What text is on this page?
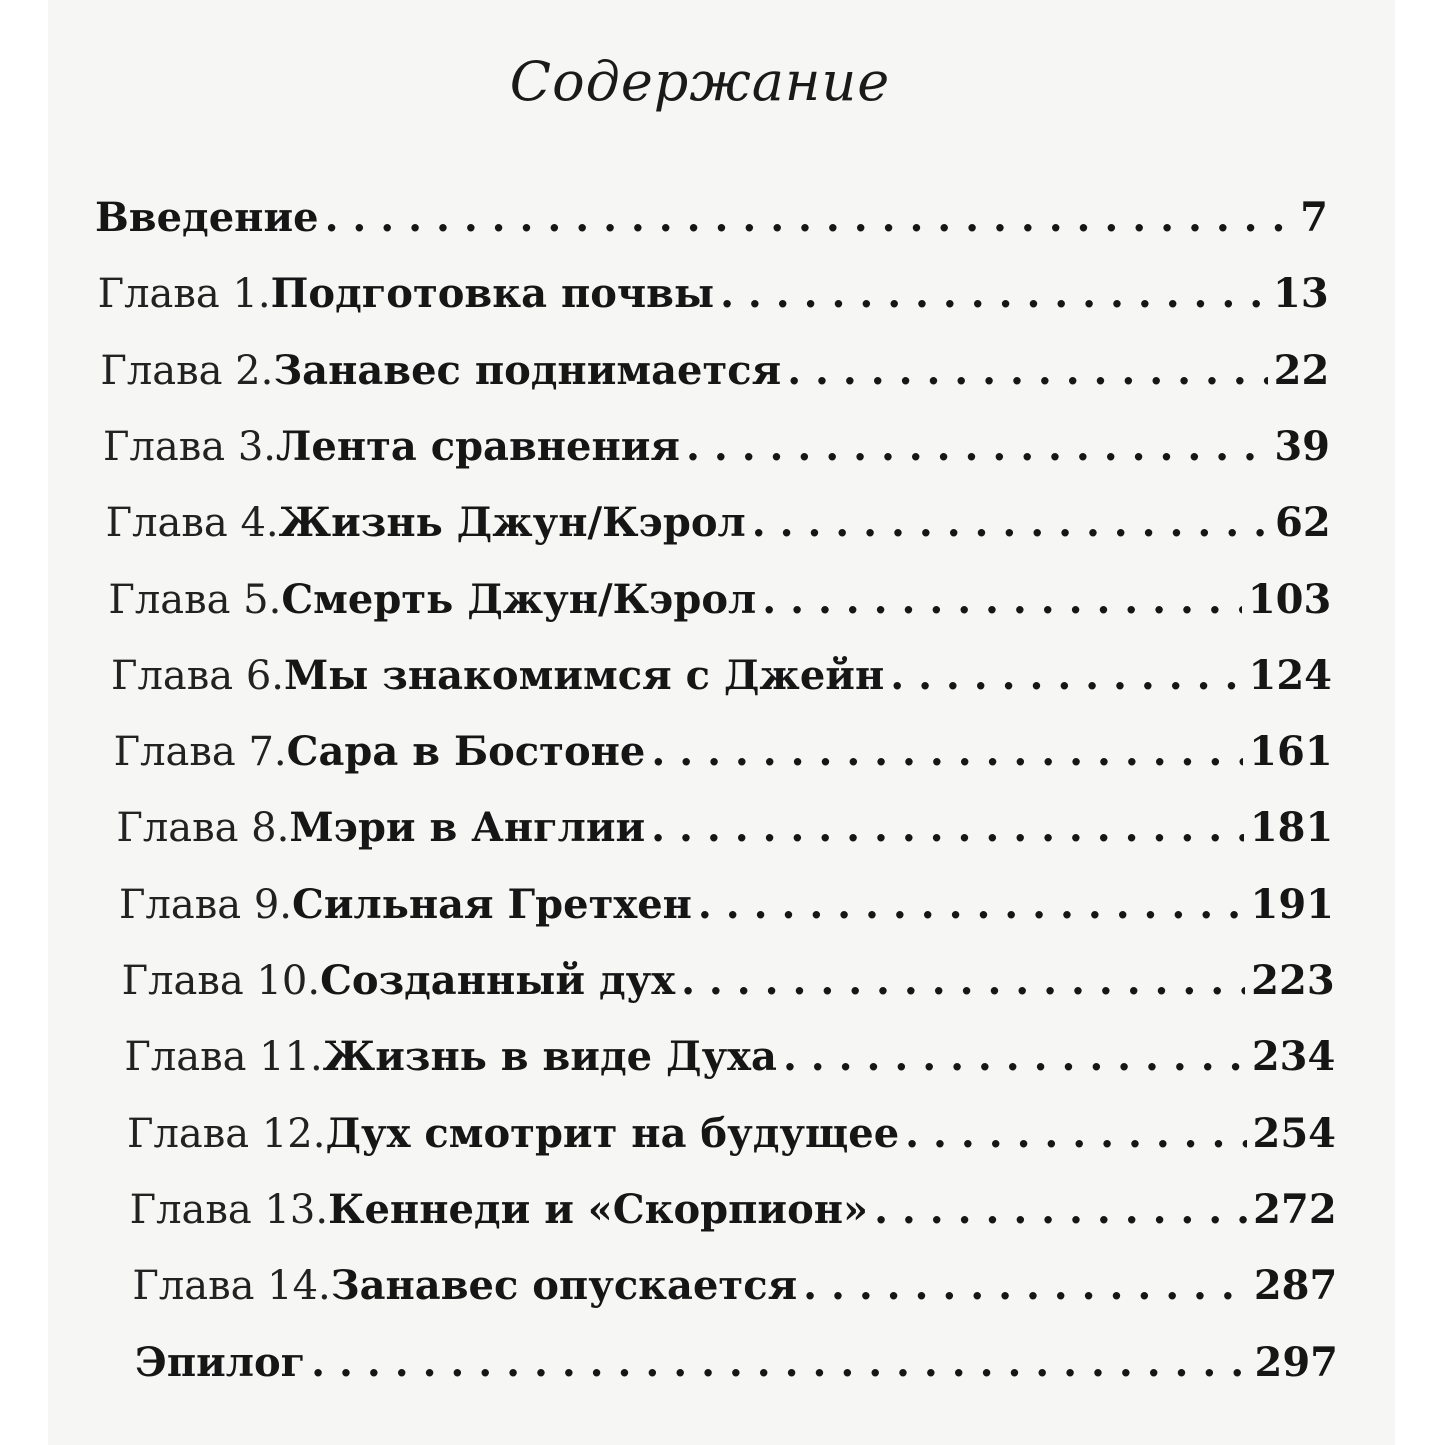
Содержание
Введение . . .	7
Глава 1. Подготовка почвы . . .	13
Глава 2. Занавес поднимается . . .	22
Глава 3. Лента сравнения . . .	39
Глава 4. Жизнь Джун/Кэрол . . .	62
Глава 5. Смерть Джун/Кэрол . . .	103
Глава 6. Мы знакомимся с Джейн . . .	124
Глава 7. Сара в Бостоне . . .	161
Глава 8. Мэри в Англии . . .	181
Глава 9. Сильная Гретхен . . .	191
Глава 10. Созданный дух . . .	223
Глава 11. Жизнь в виде Духа . . .	234
Глава 12. Дух смотрит на будущее . . .	254
Глава 13. Кеннеди и «Скорпион» . . .	272
Глава 14. Занавес опускается . . .	287
Эпилог . . .	297
